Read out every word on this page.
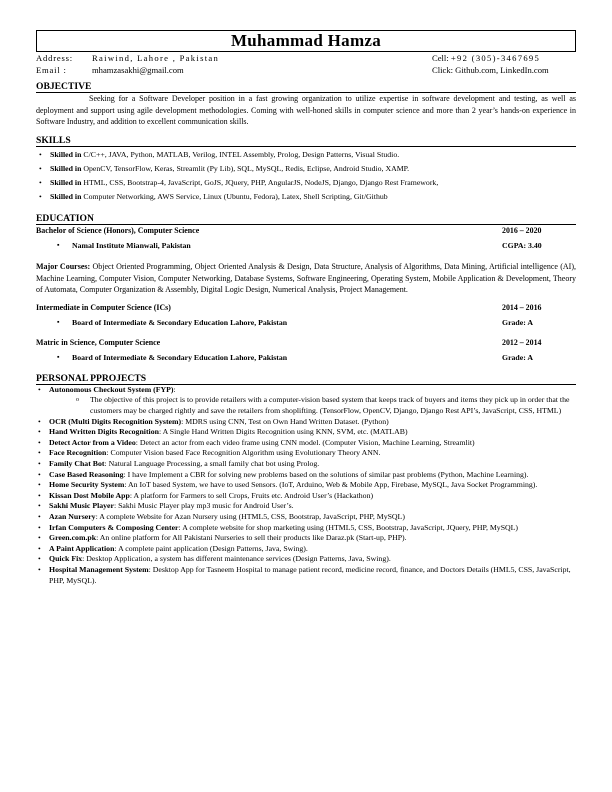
Muhammad Hamza
Address: Raiwind, Lahore , Pakistan
Email :	mhamzasakhi@gmail.com
Cell: +92 (305)-3467695
Click: Github.com, LinkedIn.com
OBJECTIVE
Seeking for a Software Developer position in a fast growing organization to utilize expertise in software development and testing, as well as deployment and support using agile development methodologies. Coming with well-honed skills in computer science and more than 2 year’s hands-on experience in Software Industry, and addition to excellent communication skills.
SKILLS
• Skilled in C/C++, JAVA, Python, MATLAB, Verilog, INTEL Assembly, Prolog, Design Patterns, Visual Studio.
• Skilled in OpenCV, TensorFlow, Keras, Streamlit (Py Lib), SQL, MySQL, Redis, Eclipse, Android Studio, XAMP.
• Skilled in HTML, CSS, Bootstrap-4, JavaScript, GoJS, JQuery, PHP, AngularJS, NodeJS, Django, Django Rest Framework,
• Skilled in Computer Networking, AWS Service, Linux (Ubuntu, Fedora), Latex, Shell Scripting, Git/Github
EDUCATION
Bachelor of Science (Honors), Computer Science	2016 – 2020
▪ Namal Institute Mianwali, Pakistan	CGPA: 3.40
Major Courses: Object Oriented Programming, Object Oriented Analysis & Design, Data Structure, Analysis of Algorithms, Data Mining, Artificial intelligence (AI), Machine Learning, Computer Vision, Computer Networking, Database Systems, Software Engineering, Operating System, Mobile Application & Development, Theory of Automata, Computer Organization & Assembly, Digital Logic Design, Numerical Analysis, Project Management.
Intermediate in Computer Science (ICs)	2014 – 2016
▪ Board of Intermediate & Secondary Education Lahore, Pakistan	Grade: A
Matric in Science, Computer Science	2012 – 2014
▪ Board of Intermediate & Secondary Education Lahore, Pakistan	Grade: A
PERSONAL PPROJECTS
• Autonomous Checkout System (FYP):
o The objective of this project is to provide retailers with a computer-vision based system that keeps track of buyers and items they pick up in order that the customers may be charged rightly and save the retailers from shoplifting. (TensorFlow, OpenCV, Django, Django Rest API’s, JavaScript, CSS, HTML)
• OCR (Multi Digits Recognition System): MDRS using CNN, Test on Own Hand Written Dataset. (Python)
• Hand Written Digits Recognition: A Single Hand Written Digits Recognition using KNN, SVM, etc. (MATLAB)
• Detect Actor from a Video: Detect an actor from each video frame using CNN model. (Computer Vision, Machine Learning, Streamlit)
• Face Recognition: Computer Vision based Face Recognition Algorithm using Evolutionary Theory ANN.
• Family Chat Bot: Natural Language Processing, a small family chat bot using Prolog.
• Case Based Reasoning: I have Implement a CBR for solving new problems based on the solutions of similar past problems (Python, Machine Learning).
• Home Security System: An IoT based System, we have to used Sensors. (IoT, Arduino, Web & Mobile App, Firebase, MySQL, Java Socket Programming).
• Kissan Dost Mobile App: A platform for Farmers to sell Crops, Fruits etc. Android User’s (Hackathon)
• Sakhi Music Player: Sakhi Music Player play mp3 music for Android User’s.
• Azan Nursery: A complete Website for Azan Nursery using (HTML5, CSS, Bootstrap, JavaScript, PHP, MySQL)
• Irfan Computers & Composing Center: A complete website for shop marketing using (HTML5, CSS, Bootstrap, JavaScript, JQuery, PHP, MySQL)
• Green.com.pk: An online platform for All Pakistani Nurseries to sell their products like Daraz.pk (Start-up, PHP).
• A Paint Application: A complete paint application (Design Patterns, Java, Swing).
• Quick Fix: Desktop Application, a system has different maintenance services (Design Patterns, Java, Swing).
• Hospital Management System: Desktop App for Tasneem Hospital to manage patient record, medicine record, finance, and Doctors Details (HML5, CSS, JavaScript, PHP, MySQL).
